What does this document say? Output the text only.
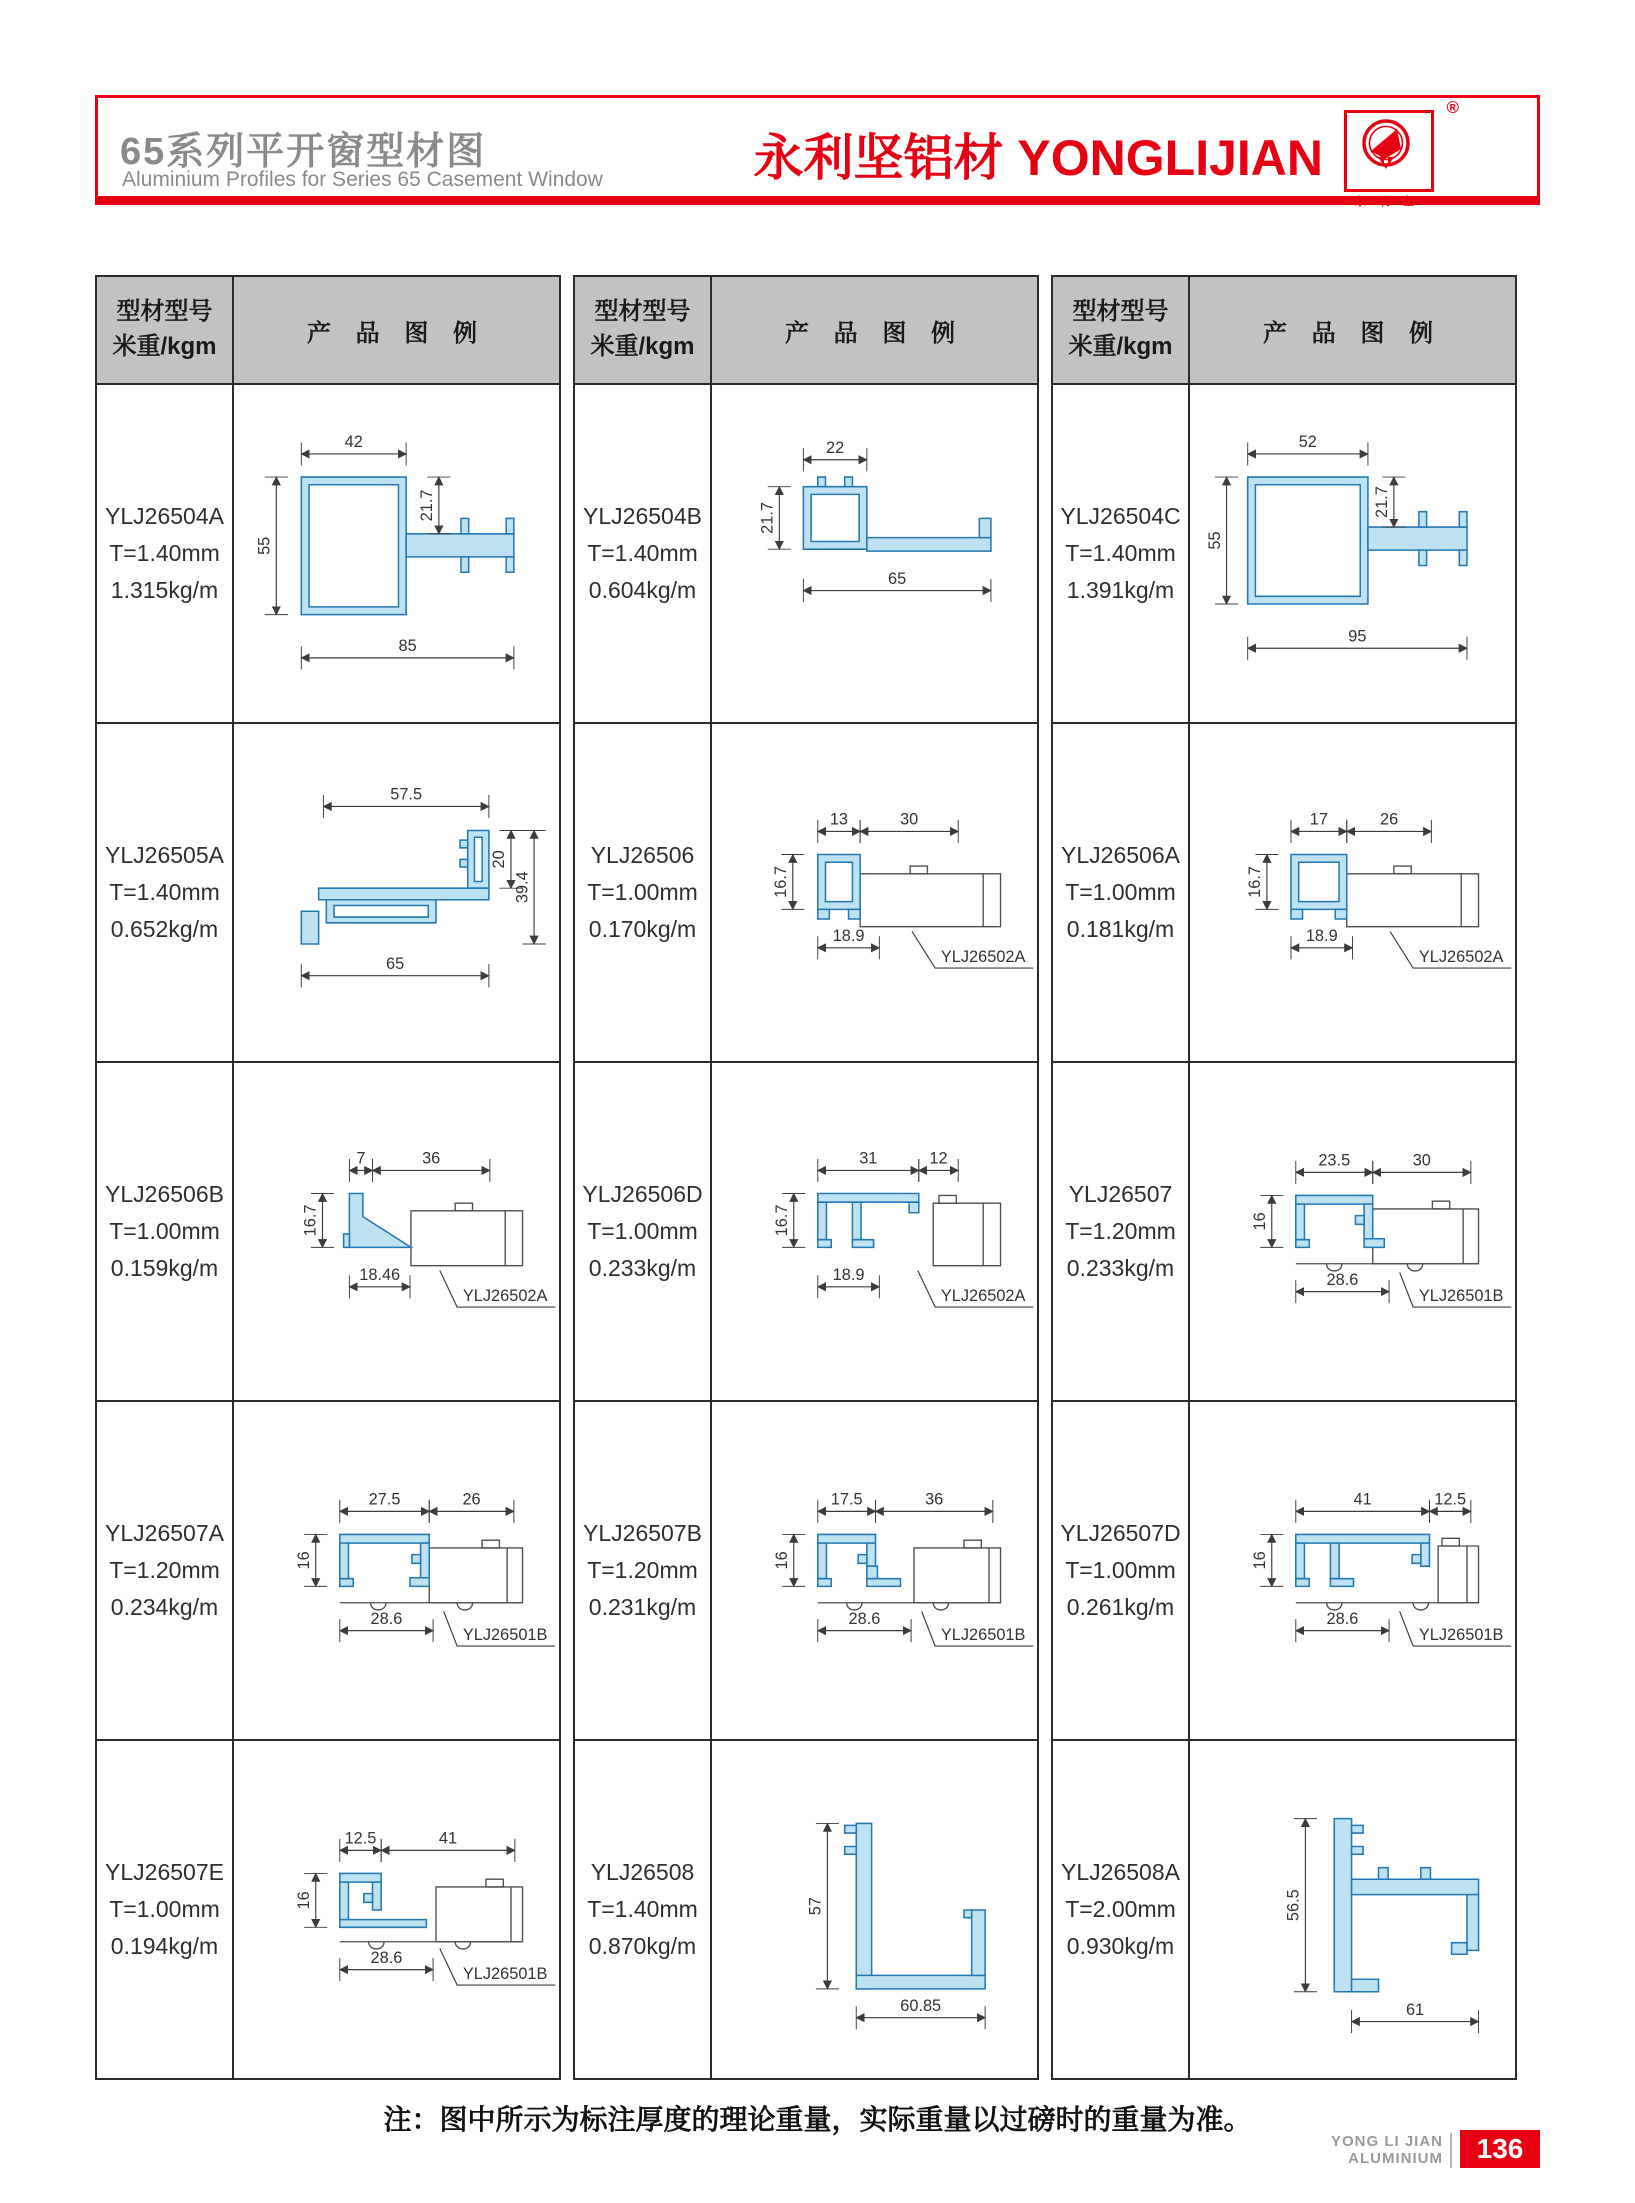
65系列平开窗型材图
Aluminium Profiles for Series 65 Casement Window	永利坚铝材 YONGLIJIAN
永 利 坚
®
型材型号
米重/kgm	产 品 图 例

YLJ26504A
T=1.40mm
1.315kg/m	42
55
21.7
85

YLJ26505A
T=1.40mm
0.652kg/m	57.5
20
39.4
65

YLJ26506B
T=1.00mm
0.159kg/m	7 36
16.7
18.46
YLJ26502A

YLJ26507A
T=1.20mm
0.234kg/m	27.5 26
16
28.6
YLJ26501B

YLJ26507E
T=1.00mm
0.194kg/m	12.5 41
16
28.6
YLJ26501B
型材型号
米重/kgm	产 品 图 例

YLJ26504B
T=1.40mm
0.604kg/m	22
21.7
65

YLJ26506
T=1.00mm
0.170kg/m	13 30
16.7
18.9
YLJ26502A

YLJ26506D
T=1.00mm
0.233kg/m	31 12
16.7
18.9
YLJ26502A

YLJ26507B
T=1.20mm
0.231kg/m	17.5 36
16
28.6
YLJ26501B

YLJ26508
T=1.40mm
0.870kg/m	57
60.85
型材型号
米重/kgm	产 品 图 例

YLJ26504C
T=1.40mm
1.391kg/m	52
55
21.7
95

YLJ26506A
T=1.00mm
0.181kg/m	17 26
16.7
18.9
YLJ26502A

YLJ26507
T=1.20mm
0.233kg/m	23.5 30
16
28.6
YLJ26501B

YLJ26507D
T=1.00mm
0.261kg/m	41 12.5
16
28.6
YLJ26501B

YLJ26508A
T=2.00mm
0.930kg/m	56.5
61
注：图中所示为标注厚度的理论重量，实际重量以过磅时的重量为准。
YONG LI JIAN
ALUMINIUM	136
